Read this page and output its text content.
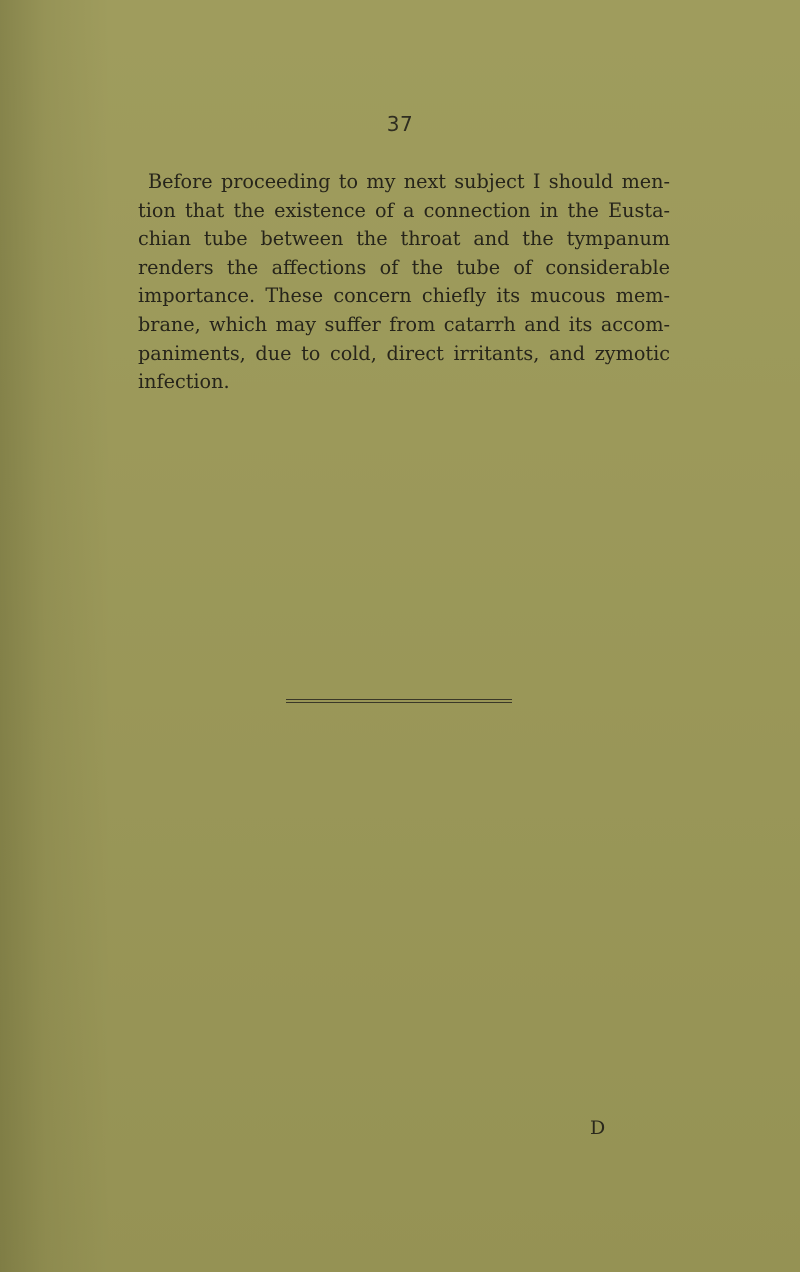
37

Before proceeding to my next subject I should men-
tion that the existence of a connection in the Eusta-
chian tube between the throat and the tympanum
renders the affections of the tube of considerable
importance. These concern chiefly its mucous mem-
brane, which may suffer from catarrh and its accom-
paniments, due to cold, direct irritants, and zymotic
infection.

D
